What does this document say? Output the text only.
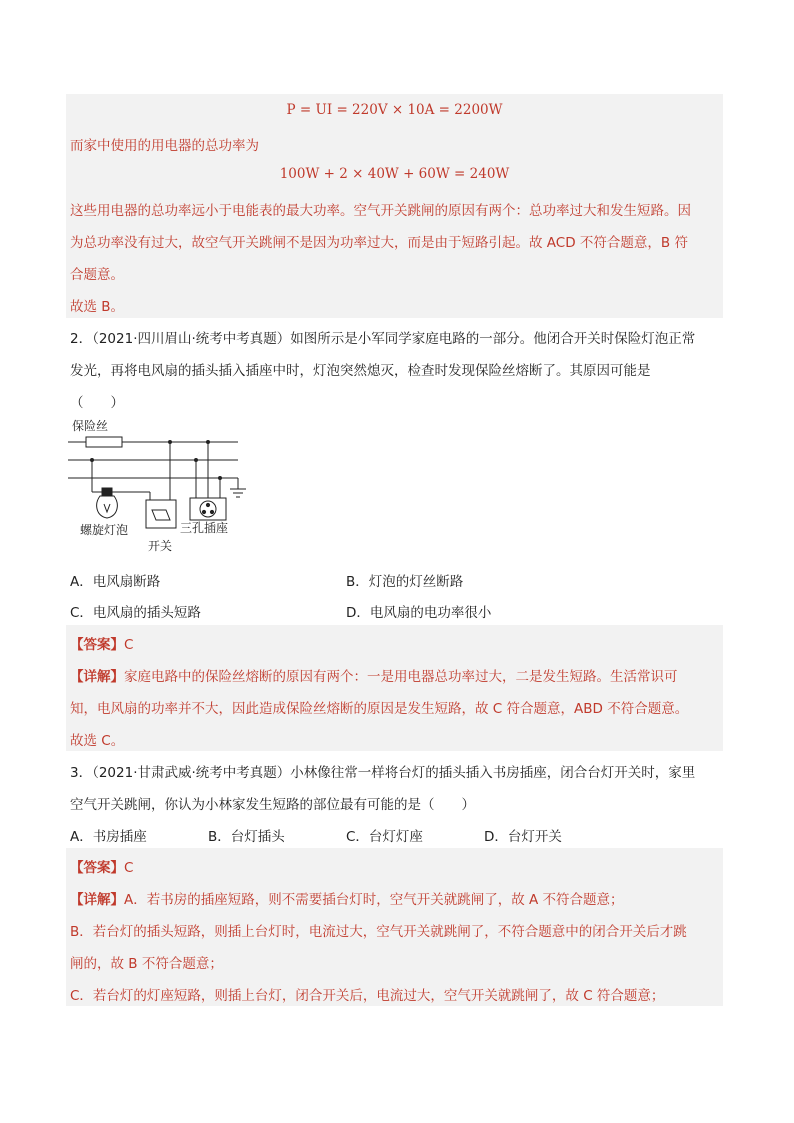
P = UI = 220V × 10A = 2200W
而家中使用的用电器的总功率为
100W + 2 × 40W + 60W = 240W
这些用电器的总功率远小于电能表的最大功率。空气开关跳闸的原因有两个：总功率过大和发生短路。因
为总功率没有过大，故空气开关跳闸不是因为功率过大，而是由于短路引起。故 ACD 不符合题意，B 符
合题意。
故选 B。
2．（2021·四川眉山·统考中考真题）如图所示是小军同学家庭电路的一部分。他闭合开关时保险灯泡正常
发光，再将电风扇的插头插入插座中时，灯泡突然熄灭，检查时发现保险丝熔断了。其原因可能是
（　　）
保险丝
螺旋灯泡
开关
三孔插座
A．电风扇断路	B．灯泡的灯丝断路
C．电风扇的插头短路	D．电风扇的电功率很小
【答案】C
【详解】家庭电路中的保险丝熔断的原因有两个：一是用电器总功率过大，二是发生短路。生活常识可
知，电风扇的功率并不大，因此造成保险丝熔断的原因是发生短路，故 C 符合题意，ABD 不符合题意。
故选 C。
3．（2021·甘肃武威·统考中考真题）小林像往常一样将台灯的插头插入书房插座，闭合台灯开关时，家里
空气开关跳闸，你认为小林家发生短路的部位最有可能的是（　　）
A．书房插座	B．台灯插头	C．台灯灯座	D．台灯开关
【答案】C
【详解】A．若书房的插座短路，则不需要插台灯时，空气开关就跳闸了，故 A 不符合题意；
B．若台灯的插头短路，则插上台灯时，电流过大，空气开关就跳闸了，不符合题意中的闭合开关后才跳
闸的，故 B 不符合题意；
C．若台灯的灯座短路，则插上台灯，闭合开关后，电流过大，空气开关就跳闸了，故 C 符合题意；
